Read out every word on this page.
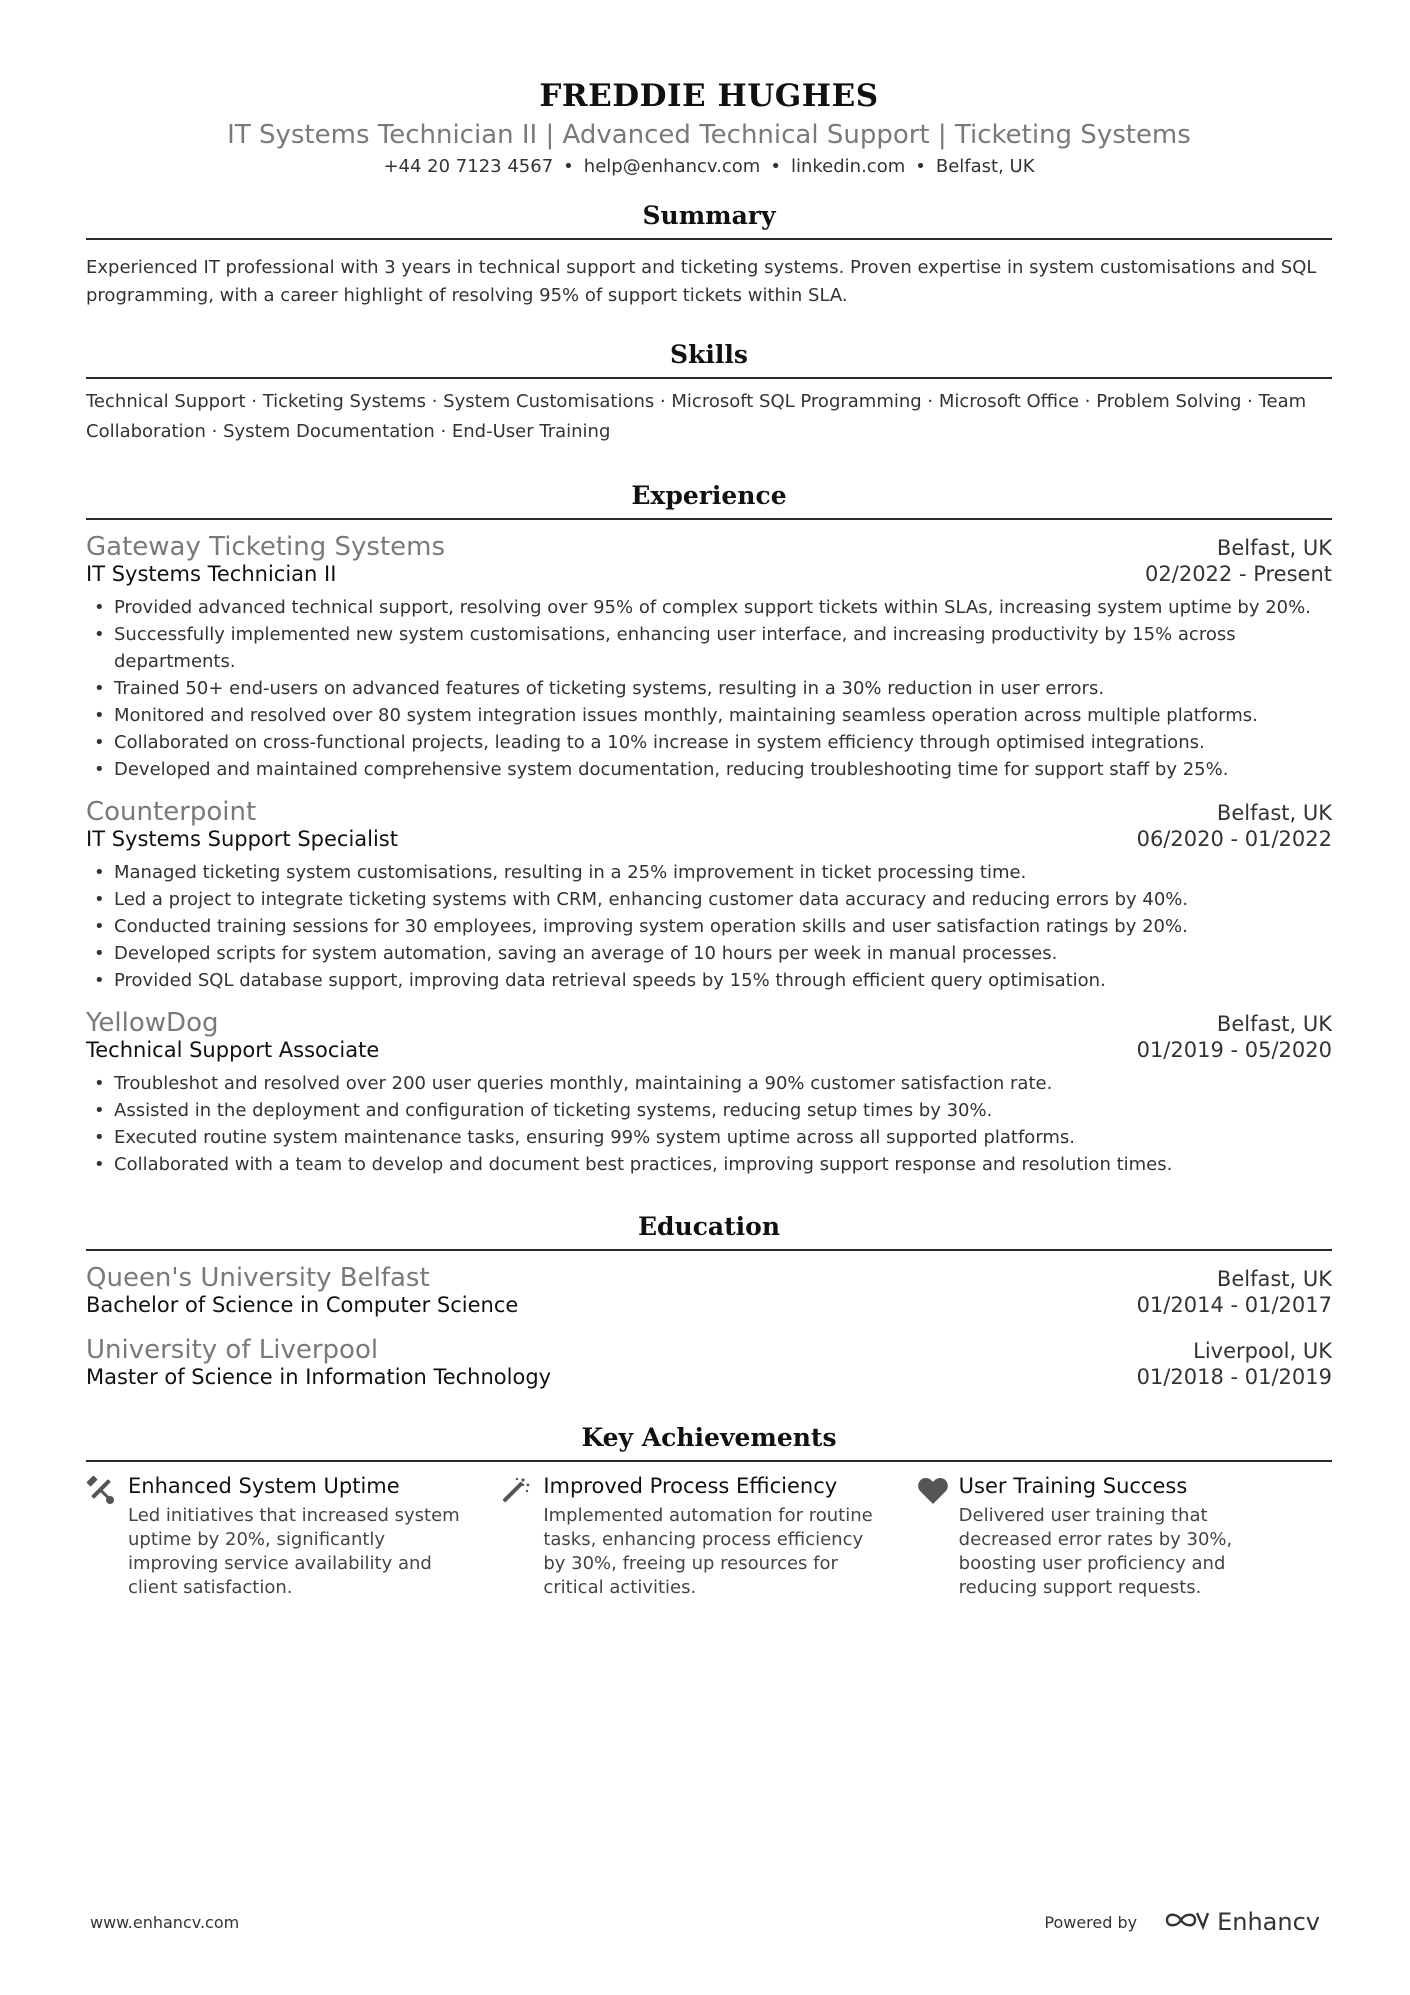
FREDDIE HUGHES
IT Systems Technician II | Advanced Technical Support | Ticketing Systems
+44 20 7123 4567 • help@enhancv.com • linkedin.com • Belfast, UK
Summary
Experienced IT professional with 3 years in technical support and ticketing systems. Proven expertise in system customisations and SQL programming, with a career highlight of resolving 95% of support tickets within SLA.
Skills
Technical Support · Ticketing Systems · System Customisations · Microsoft SQL Programming · Microsoft Office · Problem Solving · Team Collaboration · System Documentation · End-User Training
Experience
Gateway Ticketing Systems	Belfast, UK
IT Systems Technician II	02/2022 - Present
• Provided advanced technical support, resolving over 95% of complex support tickets within SLAs, increasing system uptime by 20%.
• Successfully implemented new system customisations, enhancing user interface, and increasing productivity by 15% across departments.
• Trained 50+ end-users on advanced features of ticketing systems, resulting in a 30% reduction in user errors.
• Monitored and resolved over 80 system integration issues monthly, maintaining seamless operation across multiple platforms.
• Collaborated on cross-functional projects, leading to a 10% increase in system efficiency through optimised integrations.
• Developed and maintained comprehensive system documentation, reducing troubleshooting time for support staff by 25%.
Counterpoint	Belfast, UK
IT Systems Support Specialist	06/2020 - 01/2022
• Managed ticketing system customisations, resulting in a 25% improvement in ticket processing time.
• Led a project to integrate ticketing systems with CRM, enhancing customer data accuracy and reducing errors by 40%.
• Conducted training sessions for 30 employees, improving system operation skills and user satisfaction ratings by 20%.
• Developed scripts for system automation, saving an average of 10 hours per week in manual processes.
• Provided SQL database support, improving data retrieval speeds by 15% through efficient query optimisation.
YellowDog	Belfast, UK
Technical Support Associate	01/2019 - 05/2020
• Troubleshot and resolved over 200 user queries monthly, maintaining a 90% customer satisfaction rate.
• Assisted in the deployment and configuration of ticketing systems, reducing setup times by 30%.
• Executed routine system maintenance tasks, ensuring 99% system uptime across all supported platforms.
• Collaborated with a team to develop and document best practices, improving support response and resolution times.
Education
Queen's University Belfast	Belfast, UK
Bachelor of Science in Computer Science	01/2014 - 01/2017
University of Liverpool	Liverpool, UK
Master of Science in Information Technology	01/2018 - 01/2019
Key Achievements
Enhanced System Uptime
Led initiatives that increased system uptime by 20%, significantly improving service availability and client satisfaction.
Improved Process Efficiency
Implemented automation for routine tasks, enhancing process efficiency by 30%, freeing up resources for critical activities.
User Training Success
Delivered user training that decreased error rates by 30%, boosting user proficiency and reducing support requests.
www.enhancv.com	Powered by	Enhancv
